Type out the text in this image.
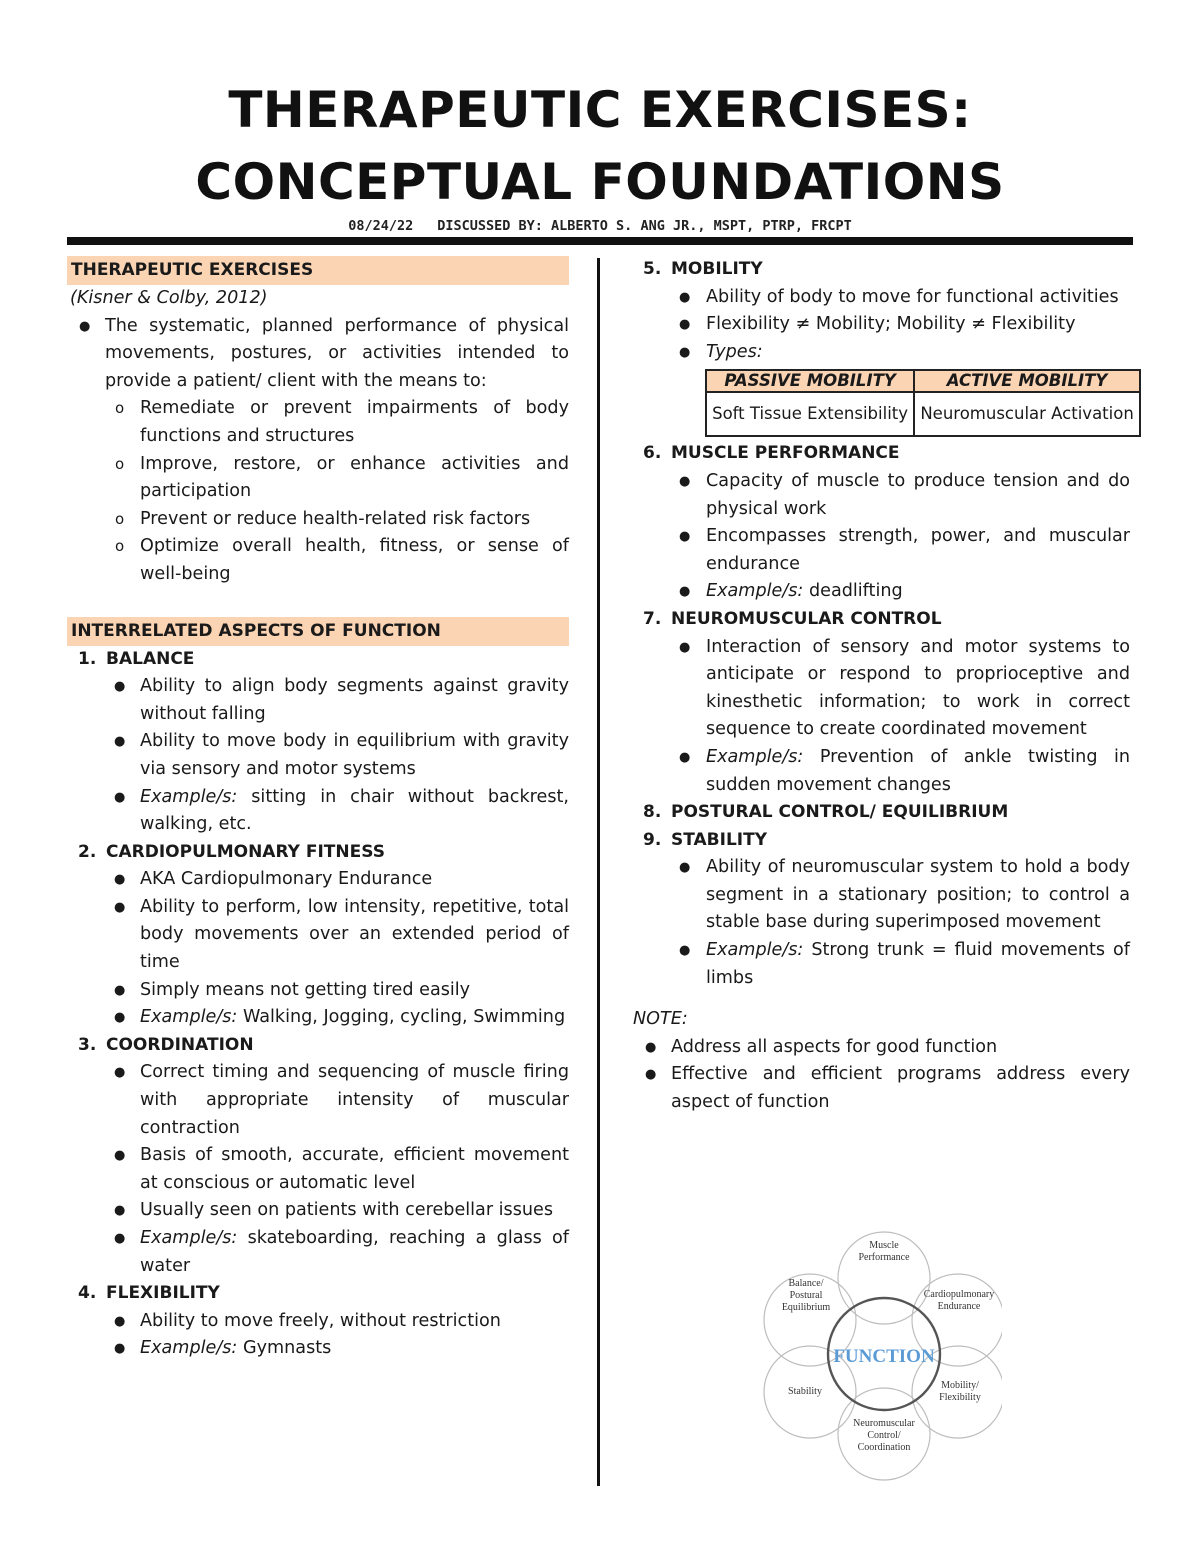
THERAPEUTIC EXERCISES:
CONCEPTUAL FOUNDATIONS
08/24/22 DISCUSSED BY: ALBERTO S. ANG JR., MSPT, PTRP, FRCPT
THERAPEUTIC EXERCISES
(Kisner & Colby, 2012)
● The systematic, planned performance of physical movements, postures, or activities intended to provide a patient/ client with the means to:
o Remediate or prevent impairments of body functions and structures
o Improve, restore, or enhance activities and participation
o Prevent or reduce health-related risk factors
o Optimize overall health, fitness, or sense of well-being
INTERRELATED ASPECTS OF FUNCTION
1. BALANCE
● Ability to align body segments against gravity without falling
● Ability to move body in equilibrium with gravity via sensory and motor systems
● Example/s: sitting in chair without backrest, walking, etc.
2. CARDIOPULMONARY FITNESS
● AKA Cardiopulmonary Endurance
● Ability to perform, low intensity, repetitive, total body movements over an extended period of time
● Simply means not getting tired easily
● Example/s: Walking, Jogging, cycling, Swimming
3. COORDINATION
● Correct timing and sequencing of muscle firing with appropriate intensity of muscular contraction
● Basis of smooth, accurate, efficient movement at conscious or automatic level
● Usually seen on patients with cerebellar issues
● Example/s: skateboarding, reaching a glass of water
4. FLEXIBILITY
● Ability to move freely, without restriction
● Example/s: Gymnasts
5. MOBILITY
● Ability of body to move for functional activities
● Flexibility ≠ Mobility; Mobility ≠ Flexibility
● Types:
PASSIVE MOBILITY	ACTIVE MOBILITY
Soft Tissue Extensibility	Neuromuscular Activation
6. MUSCLE PERFORMANCE
● Capacity of muscle to produce tension and do physical work
● Encompasses strength, power, and muscular endurance
● Example/s: deadlifting
7. NEUROMUSCULAR CONTROL
● Interaction of sensory and motor systems to anticipate or respond to proprioceptive and kinesthetic information; to work in correct sequence to create coordinated movement
● Example/s: Prevention of ankle twisting in sudden movement changes
8. POSTURAL CONTROL/ EQUILIBRIUM
9. STABILITY
● Ability of neuromuscular system to hold a body segment in a stationary position; to control a stable base during superimposed movement
● Example/s: Strong trunk = fluid movements of limbs
NOTE:
● Address all aspects for good function
● Effective and efficient programs address every aspect of function
FUNCTION
Muscle Performance
Cardiopulmonary Endurance
Mobility/ Flexibility
Neuromuscular Control/ Coordination
Stability
Balance/ Postural Equilibrium
